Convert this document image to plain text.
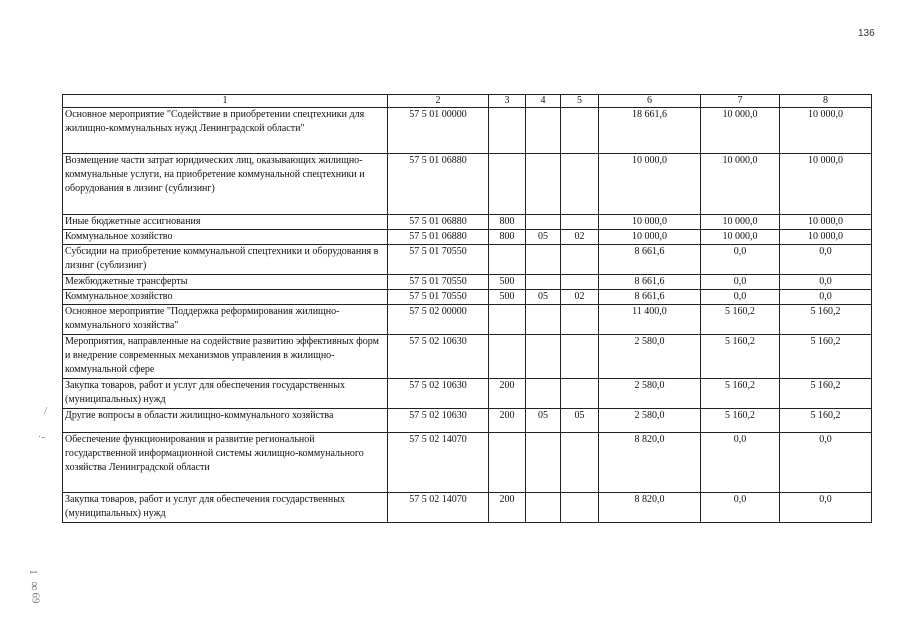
136
1	2	3	4	5	6	7	8
Основное мероприятие "Содействие в приобретении спецтехники для жилищно-коммунальных нужд Ленинградской области"	57 5 01 00000				18 661,6	10 000,0	10 000,0
Возмещение части затрат юридических лиц, оказывающих жилищно-коммунальные услуги, на приобретение коммунальной спецтехники и оборудования в лизинг (сублизинг)	57 5 01 06880				10 000,0	10 000,0	10 000,0
Иные бюджетные ассигнования	57 5 01 06880	800			10 000,0	10 000,0	10 000,0
Коммунальное хозяйство	57 5 01 06880	800	05	02	10 000,0	10 000,0	10 000,0
Субсидии на приобретение коммунальной спецтехники и оборудования в лизинг (сублизинг)	57 5 01 70550				8 661,6	0,0	0,0
Межбюджетные трансферты	57 5 01 70550	500			8 661,6	0,0	0,0
Коммунальное хозяйство	57 5 01 70550	500	05	02	8 661,6	0,0	0,0
Основное мероприятие "Поддержка реформирования жилищно-коммунального хозяйства"	57 5 02 00000				11 400,0	5 160,2	5 160,2
Мероприятия, направленные на содействие развитию эффективных форм и внедрение современных механизмов управления в жилищно-коммунальной сфере	57 5 02 10630				2 580,0	5 160,2	5 160,2
Закупка товаров, работ и услуг для обеспечения государственных (муниципальных) нужд	57 5 02 10630	200			2 580,0	5 160,2	5 160,2
Другие вопросы в области жилищно-коммунального хозяйства	57 5 02 10630	200	05	05	2 580,0	5 160,2	5 160,2
Обеспечение функционирования и развитие региональной государственной информационной системы жилищно-коммунального хозяйства Ленинградской области	57 5 02 14070				8 820,0	0,0	0,0
Закупка товаров, работ и услуг для обеспечения государственных (муниципальных) нужд	57 5 02 14070	200			8 820,0	0,0	0,0
/
·-
1
∞
69
